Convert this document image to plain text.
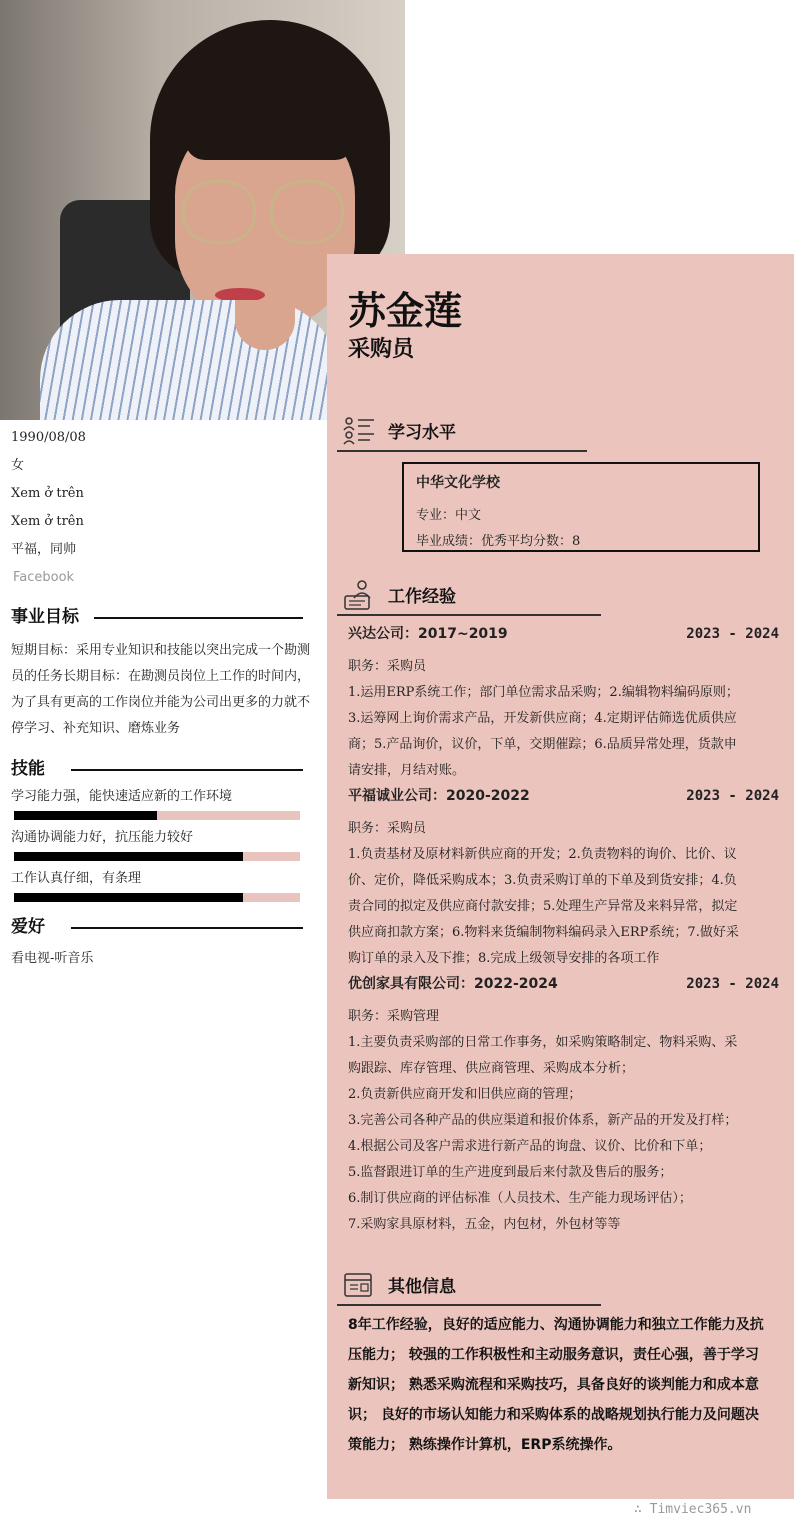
1990/08/08
女
Xem ở trên
Xem ở trên
平福，同帅
Facebook
事业目标
短期目标：采用专业知识和技能以突出完成一个勘测员的任务长期目标：在勘测员岗位上工作的时间内，为了具有更高的工作岗位并能为公司出更多的力就不停学习、补充知识、磨炼业务
技能
学习能力强，能快速适应新的工作环境
沟通协调能力好，抗压能力较好
工作认真仔细，有条理
爱好
看电视-听音乐
苏金莲
采购员
学习水平
中华文化学校
专业：中文
毕业成绩：优秀平均分数：8
工作经验
兴达公司：2017~2019	2023 - 2024
职务：采购员
1.运用ERP系统工作；部门单位需求品采购；2.编辑物料编码原则；
3.运筹网上询价需求产品，开发新供应商；4.定期评估筛选优质供应
商；5.产品询价，议价，下单，交期催踪；6.品质异常处理，货款申
请安排，月结对账。
平福诚业公司：2020-2022	2023 - 2024
职务：采购员
1.负责基材及原材料新供应商的开发；2.负责物料的询价、比价、议
价、定价，降低采购成本；3.负责采购订单的下单及到货安排；4.负
责合同的拟定及供应商付款安排；5.处理生产异常及来料异常，拟定
供应商扣款方案；6.物料来货编制物料编码录入ERP系统；7.做好采
购订单的录入及下推；8.完成上级领导安排的各项工作
优创家具有限公司：2022-2024	2023 - 2024
职务：采购管理
1.主要负责采购部的日常工作事务，如采购策略制定、物料采购、采
购跟踪、库存管理、供应商管理、采购成本分析；
2.负责新供应商开发和旧供应商的管理；
3.完善公司各种产品的供应渠道和报价体系，新产品的开发及打样；
4.根据公司及客户需求进行新产品的询盘、议价、比价和下单；
5.监督跟进订单的生产进度到最后来付款及售后的服务；
6.制订供应商的评估标准（人员技术、生产能力现场评估）；
7.采购家具原材料，五金，内包材，外包材等等
其他信息
8年工作经验，良好的适应能力、沟通协调能力和独立工作能力及抗压能力； 较强的工作积极性和主动服务意识，责任心强，善于学习新知识； 熟悉采购流程和采购技巧，具备良好的谈判能力和成本意识； 良好的市场认知能力和采购体系的战略规划执行能力及问题决策能力； 熟练操作计算机，ERP系统操作。
∴ Timviec365.vn
